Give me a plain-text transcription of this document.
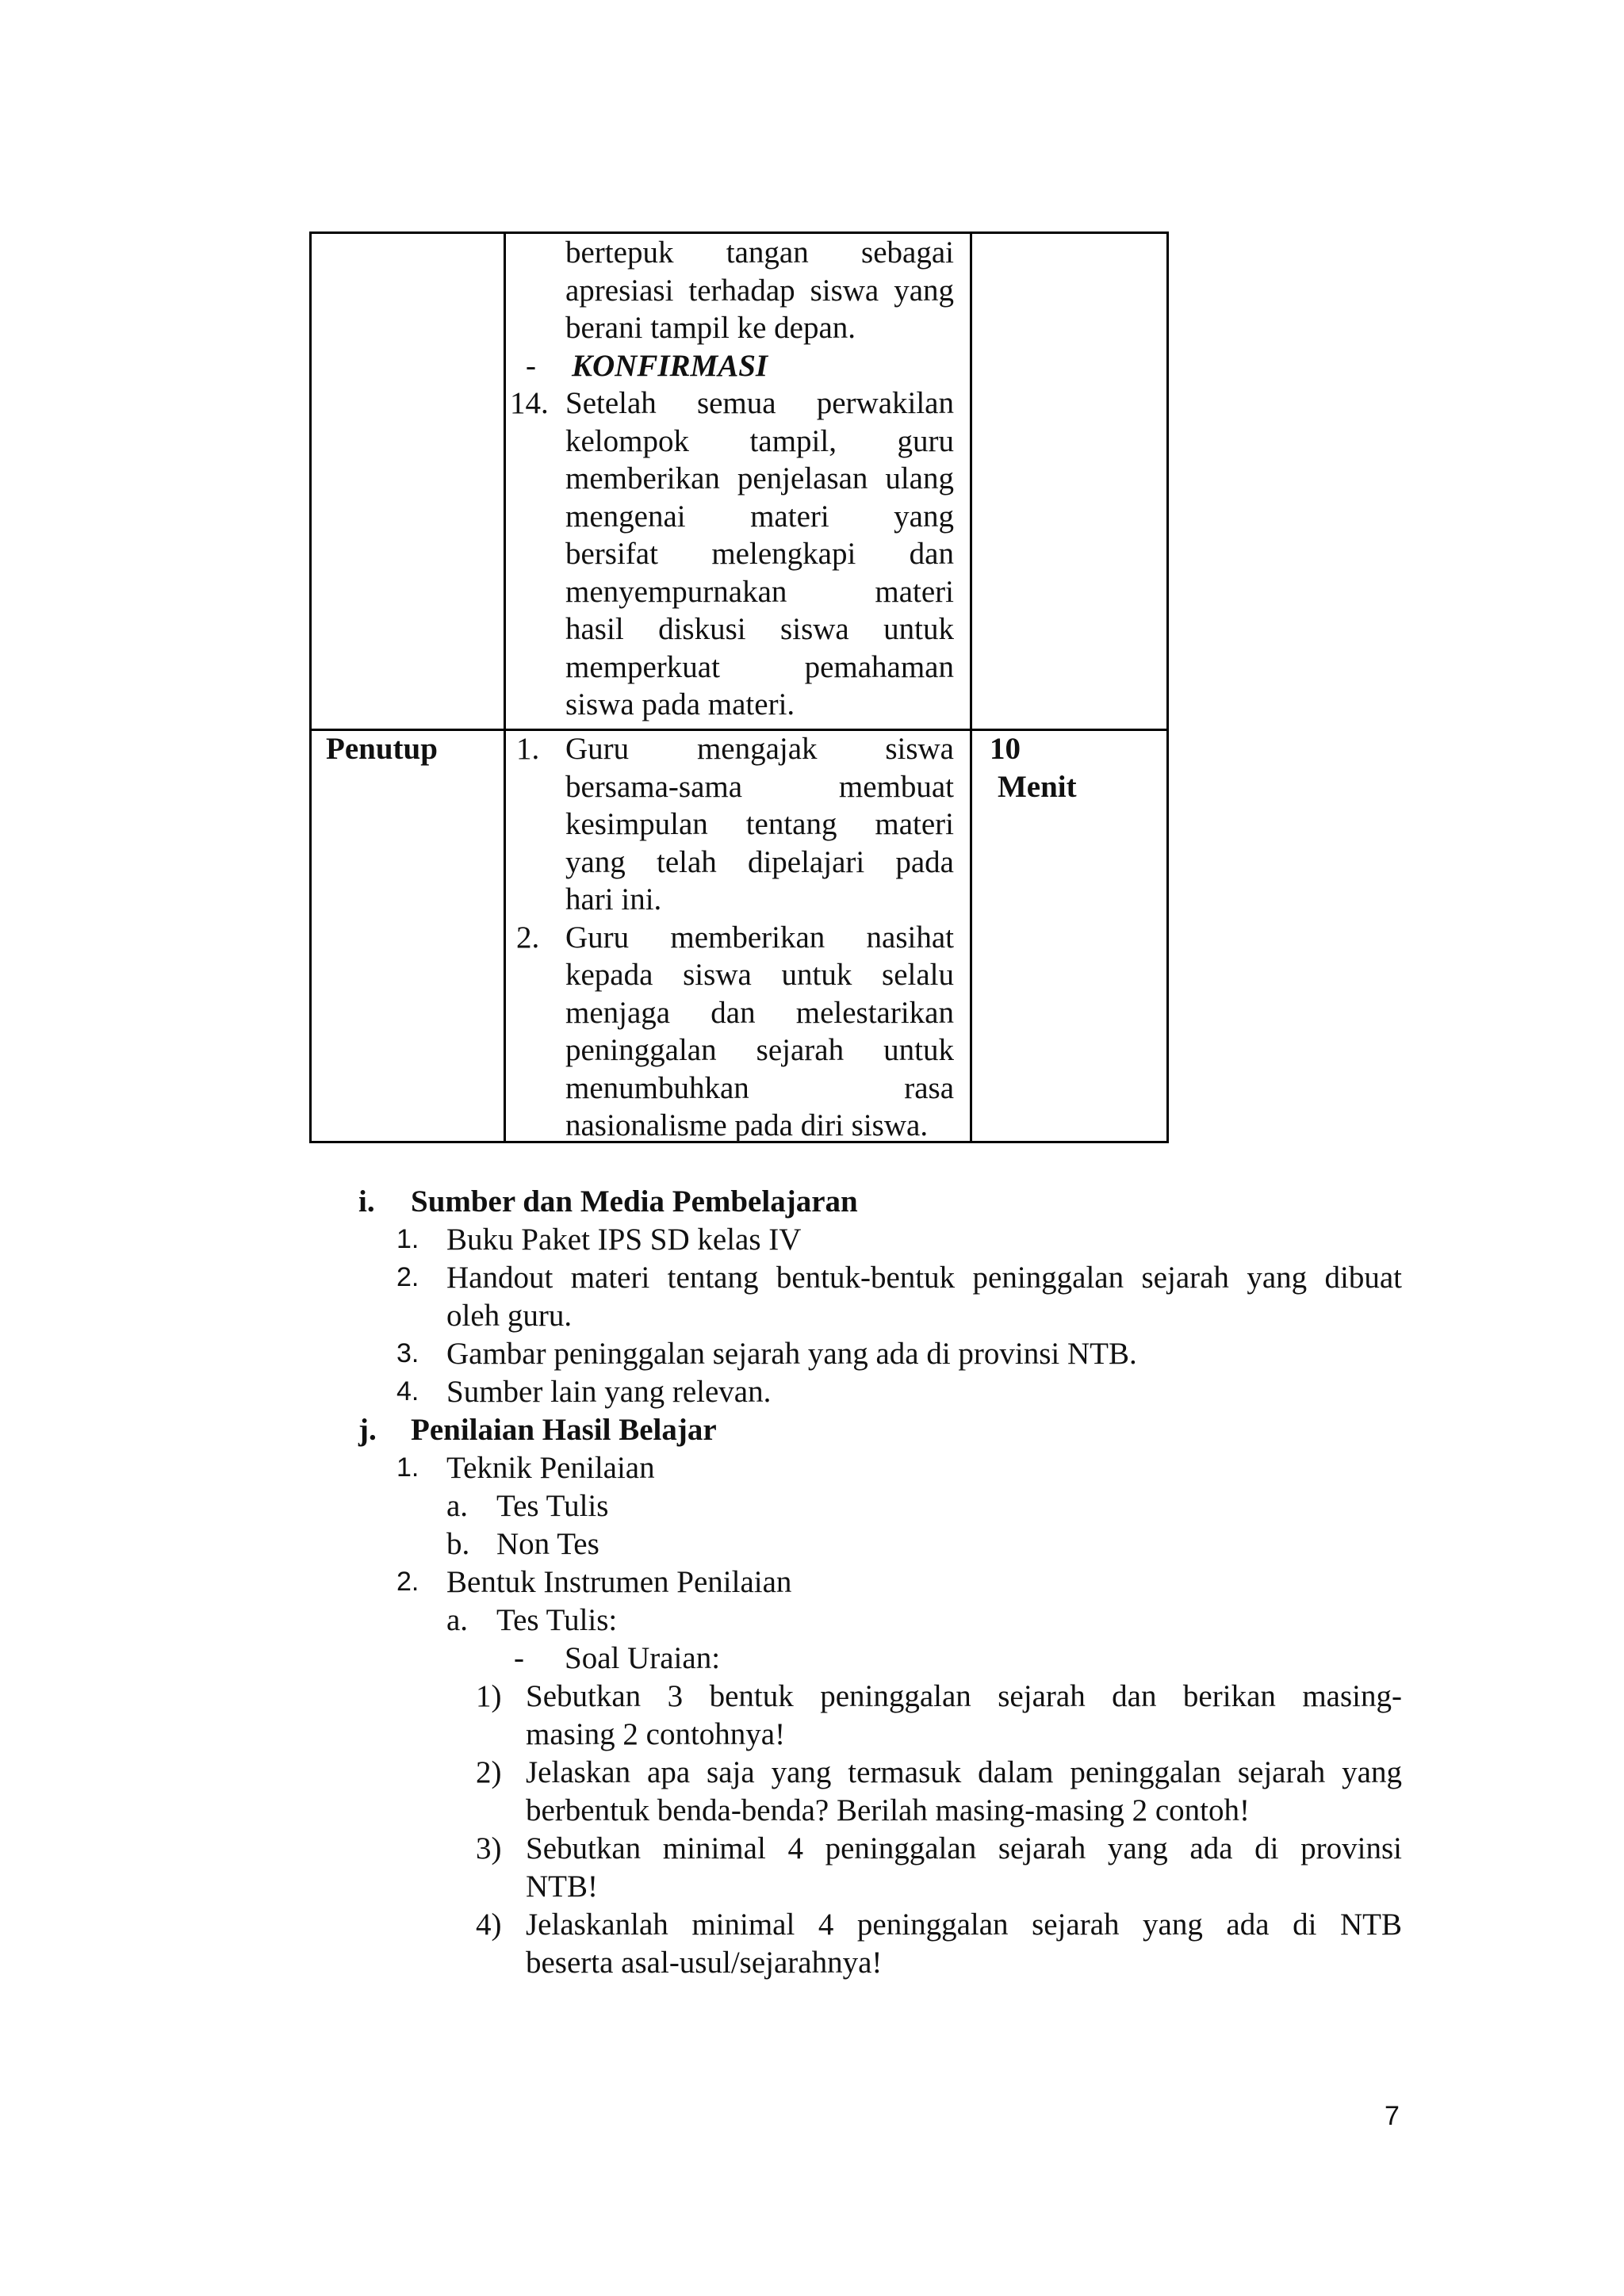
bertepuk tangan sebagai
apresiasi terhadap siswa yang
berani tampil ke depan.
- KONFIRMASI
14. Setelah semua perwakilan
kelompok tampil, guru
memberikan penjelasan ulang
mengenai materi yang
bersifat melengkapi dan
menyempurnakan materi
hasil diskusi siswa untuk
memperkuat pemahaman
siswa pada materi.
Penutup	1. Guru mengajak siswa
bersama-sama membuat
kesimpulan tentang materi
yang telah dipelajari pada
hari ini.
2. Guru memberikan nasihat
kepada siswa untuk selalu
menjaga dan melestarikan
peninggalan sejarah untuk
menumbuhkan rasa
nasionalisme pada diri siswa.
10
Menit
i. Sumber dan Media Pembelajaran
1. Buku Paket IPS SD kelas IV
2. Handout materi tentang bentuk-bentuk peninggalan sejarah yang dibuat
oleh guru.
3. Gambar peninggalan sejarah yang ada di provinsi NTB.
4. Sumber lain yang relevan.
j. Penilaian Hasil Belajar
1. Teknik Penilaian
a. Tes Tulis
b. Non Tes
2. Bentuk Instrumen Penilaian
a. Tes Tulis:
- Soal Uraian:
1) Sebutkan 3 bentuk peninggalan sejarah dan berikan masing-
masing 2 contohnya!
2) Jelaskan apa saja yang termasuk dalam peninggalan sejarah yang
berbentuk benda-benda? Berilah masing-masing 2 contoh!
3) Sebutkan minimal 4 peninggalan sejarah yang ada di provinsi
NTB!
4) Jelaskanlah minimal 4 peninggalan sejarah yang ada di NTB
beserta asal-usul/sejarahnya!
7
